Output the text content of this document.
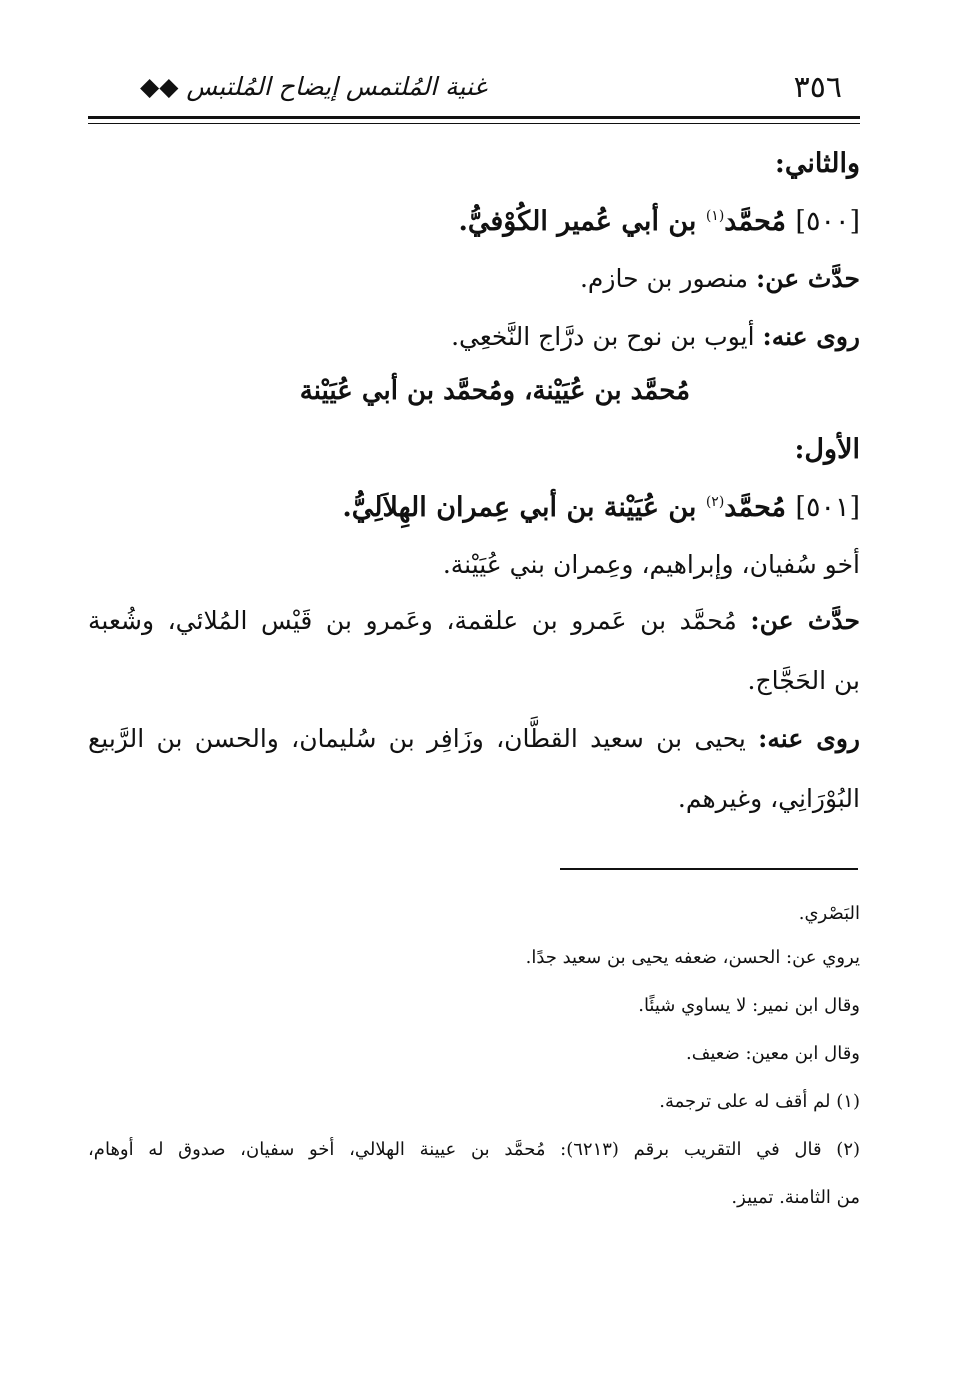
٣٥٦
غنية المُلتمس إيضاح المُلتبس ◆◆
والثاني:
[٥٠٠] مُحمَّد$^{(١)}$ بن أبي عُمير الكُوْفيُّ.
حدَّث عن: منصور بن حازم.
روى عنه: أيوب بن نوح بن درَّاج النَّخعِي.
مُحمَّد بن عُيَيْنة، ومُحمَّد بن أبي عُيَيْنة
الأول:
[٥٠١] مُحمَّد$^{(٢)}$ بن عُيَيْنة بن أبي عِمران الهِلاَلِيُّ.
أخو سُفيان، وإبراهيم، وعِمران بني عُيَيْنة.
حدَّث عن: مُحمَّد بن عَمرو بن علقمة، وعَمرو بن قَيْس المُلائي، وشُعبة
بن الحَجَّاج.
روى عنه: يحيى بن سعيد القطَّان، وزَافِر بن سُليمان، والحسن بن الرَّبيع
البُوْرَانِي، وغيرهم.
البَصْري.
يروي عن: الحسن، ضعفه يحيى بن سعيد جدًا.
وقال ابن نمير: لا يساوي شيئًا.
وقال ابن معين: ضعيف.
(١) لم أقف له على ترجمة.
(٢) قال في التقريب برقم (٦٢١٣): مُحمَّد بن عيينة الهلالي، أخو سفيان، صدوق له أوهام،
من الثامنة. تمييز.
